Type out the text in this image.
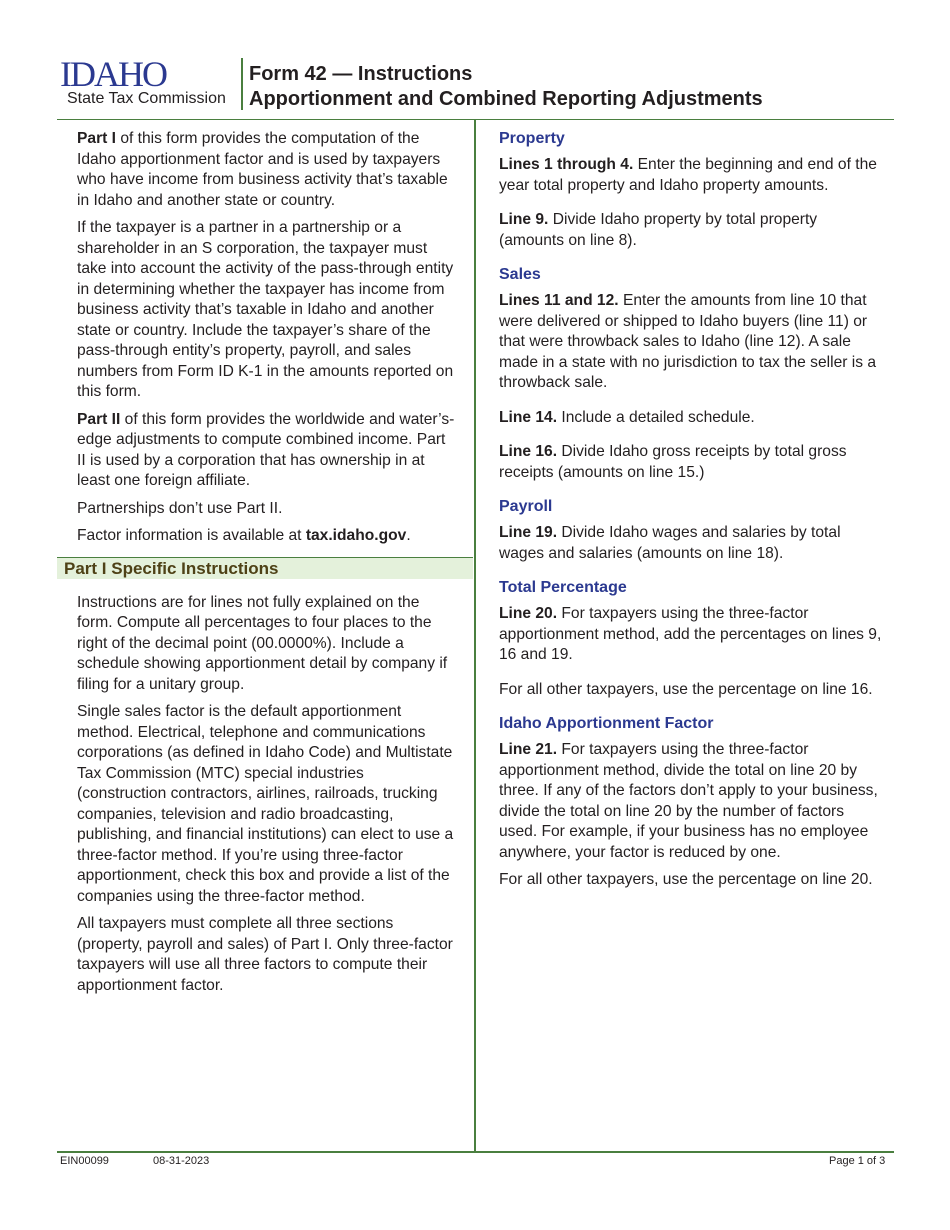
IDAHO
State Tax Commission
Form 42 — Instructions
Apportionment and Combined Reporting Adjustments

Part I of this form provides the computation of the Idaho apportionment factor and is used by taxpayers who have income from business activity that’s taxable in Idaho and another state or country.

If the taxpayer is a partner in a partnership or a shareholder in an S corporation, the taxpayer must take into account the activity of the pass-through entity in determining whether the taxpayer has income from business activity that’s taxable in Idaho and another state or country. Include the taxpayer’s share of the pass-through entity’s property, payroll, and sales numbers from Form ID K-1 in the amounts reported on this form.

Part II of this form provides the worldwide and water’s-edge adjustments to compute combined income. Part II is used by a corporation that has ownership in at least one foreign affiliate.

Partnerships don’t use Part II.

Factor information is available at tax.idaho.gov.

Part I Specific Instructions

Instructions are for lines not fully explained on the form. Compute all percentages to four places to the right of the decimal point (00.0000%). Include a schedule showing apportionment detail by company if filing for a unitary group.

Single sales factor is the default apportionment method. Electrical, telephone and communications corporations (as defined in Idaho Code) and Multistate Tax Commission (MTC) special industries (construction contractors, airlines, railroads, trucking companies, television and radio broadcasting, publishing, and financial institutions) can elect to use a three-factor method. If you’re using three-factor apportionment, check this box and provide a list of the companies using the three-factor method.

All taxpayers must complete all three sections (property, payroll and sales) of Part I. Only three-factor taxpayers will use all three factors to compute their apportionment factor.

Property

Lines 1 through 4. Enter the beginning and end of the year total property and Idaho property amounts.

Line 9. Divide Idaho property by total property (amounts on line 8).

Sales

Lines 11 and 12. Enter the amounts from line 10 that were delivered or shipped to Idaho buyers (line 11) or that were throwback sales to Idaho (line 12). A sale made in a state with no jurisdiction to tax the seller is a throwback sale.

Line 14. Include a detailed schedule.

Line 16. Divide Idaho gross receipts by total gross receipts (amounts on line 15.)

Payroll

Line 19. Divide Idaho wages and salaries by total wages and salaries (amounts on line 18).

Total Percentage

Line 20. For taxpayers using the three-factor apportionment method, add the percentages on lines 9, 16 and 19.

For all other taxpayers, use the percentage on line 16.

Idaho Apportionment Factor

Line 21. For taxpayers using the three-factor apportionment method, divide the total on line 20 by three. If any of the factors don’t apply to your business, divide the total on line 20 by the number of factors used. For example, if your business has no employee anywhere, your factor is reduced by one.

For all other taxpayers, use the percentage on line 20.

EIN00099	08-31-2023	Page 1 of 3
